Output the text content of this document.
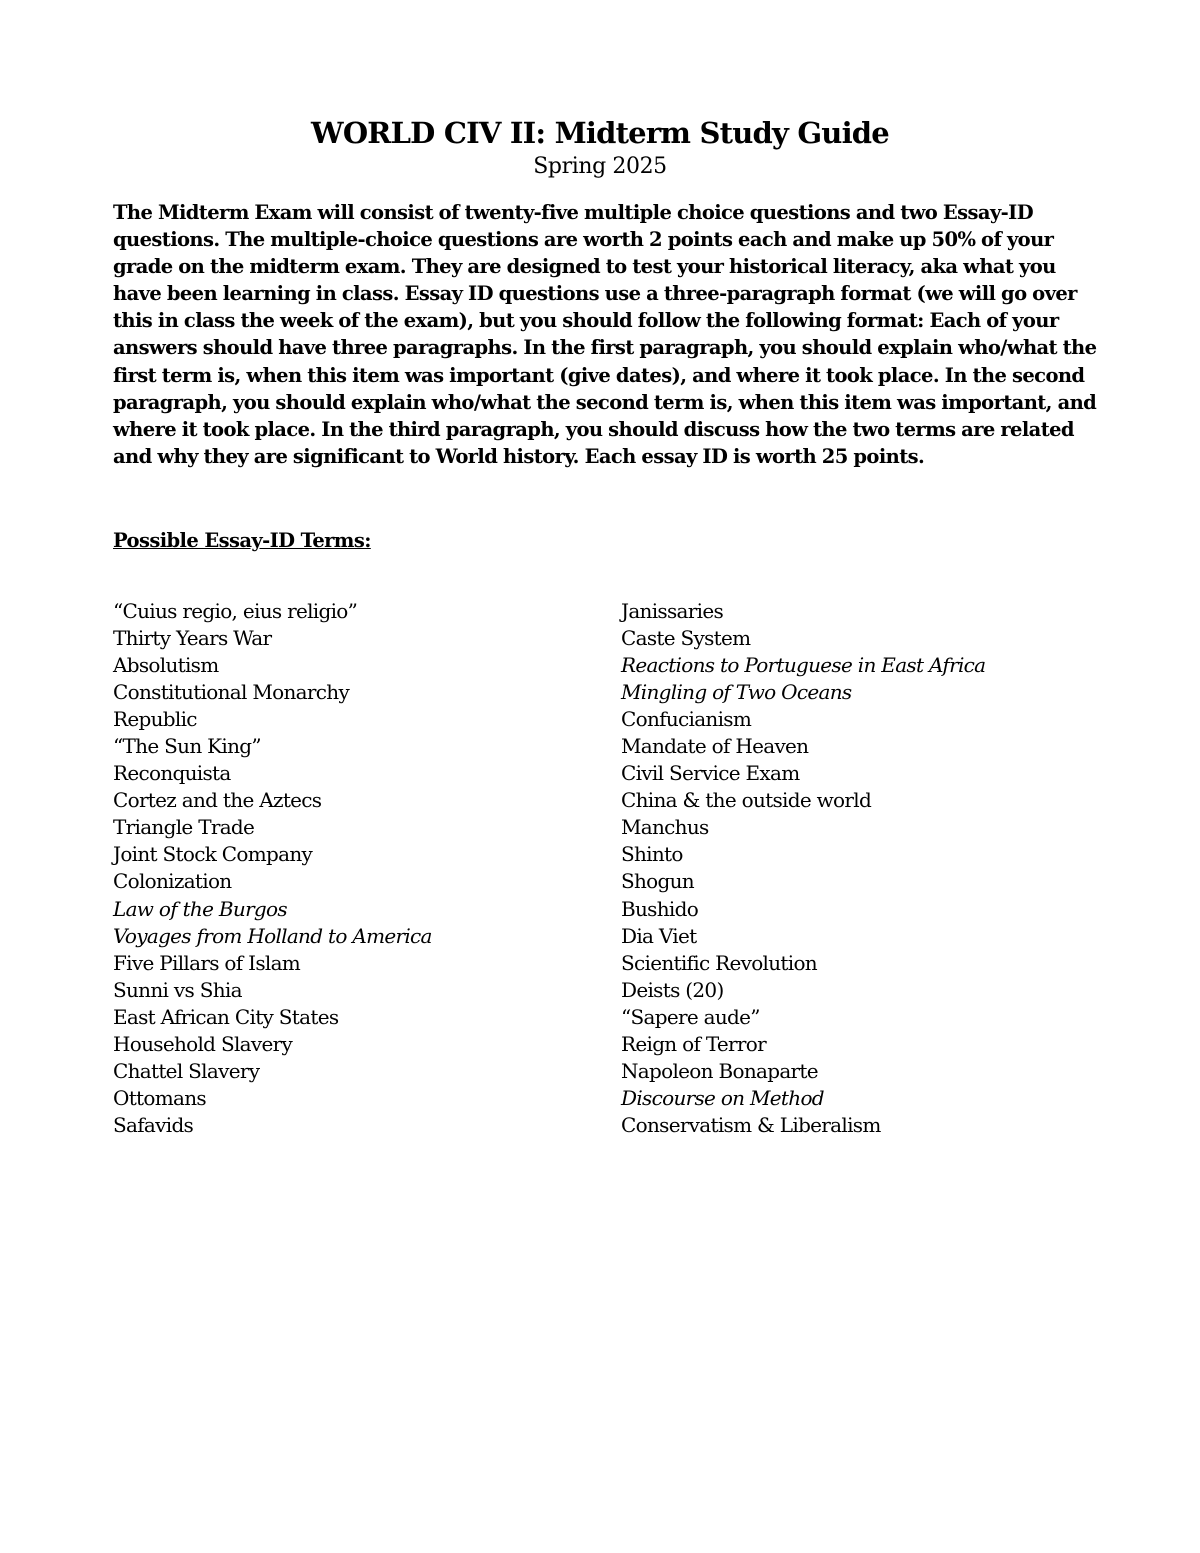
WORLD CIV II: Midterm Study Guide
Spring 2025

The Midterm Exam will consist of twenty-five multiple choice questions and two Essay-ID questions. The multiple-choice questions are worth 2 points each and make up 50% of your grade on the midterm exam. They are designed to test your historical literacy, aka what you have been learning in class. Essay ID questions use a three-paragraph format (we will go over this in class the week of the exam), but you should follow the following format: Each of your answers should have three paragraphs. In the first paragraph, you should explain who/what the first term is, when this item was important (give dates), and where it took place. In the second paragraph, you should explain who/what the second term is, when this item was important, and where it took place. In the third paragraph, you should discuss how the two terms are related and why they are significant to World history. Each essay ID is worth 25 points.

Possible Essay-ID Terms:
“Cuius regio, eius religio”
Thirty Years War
Absolutism
Constitutional Monarchy
Republic
“The Sun King”
Reconquista
Cortez and the Aztecs
Triangle Trade
Joint Stock Company
Colonization
Law of the Burgos
Voyages from Holland to America
Five Pillars of Islam
Sunni vs Shia
East African City States
Household Slavery
Chattel Slavery
Ottomans
Safavids
Janissaries
Caste System
Reactions to Portuguese in East Africa
Mingling of Two Oceans
Confucianism
Mandate of Heaven
Civil Service Exam
China & the outside world
Manchus
Shinto
Shogun
Bushido
Dia Viet
Scientific Revolution
Deists (20)
“Sapere aude”
Reign of Terror
Napoleon Bonaparte
Discourse on Method
Conservatism & Liberalism
